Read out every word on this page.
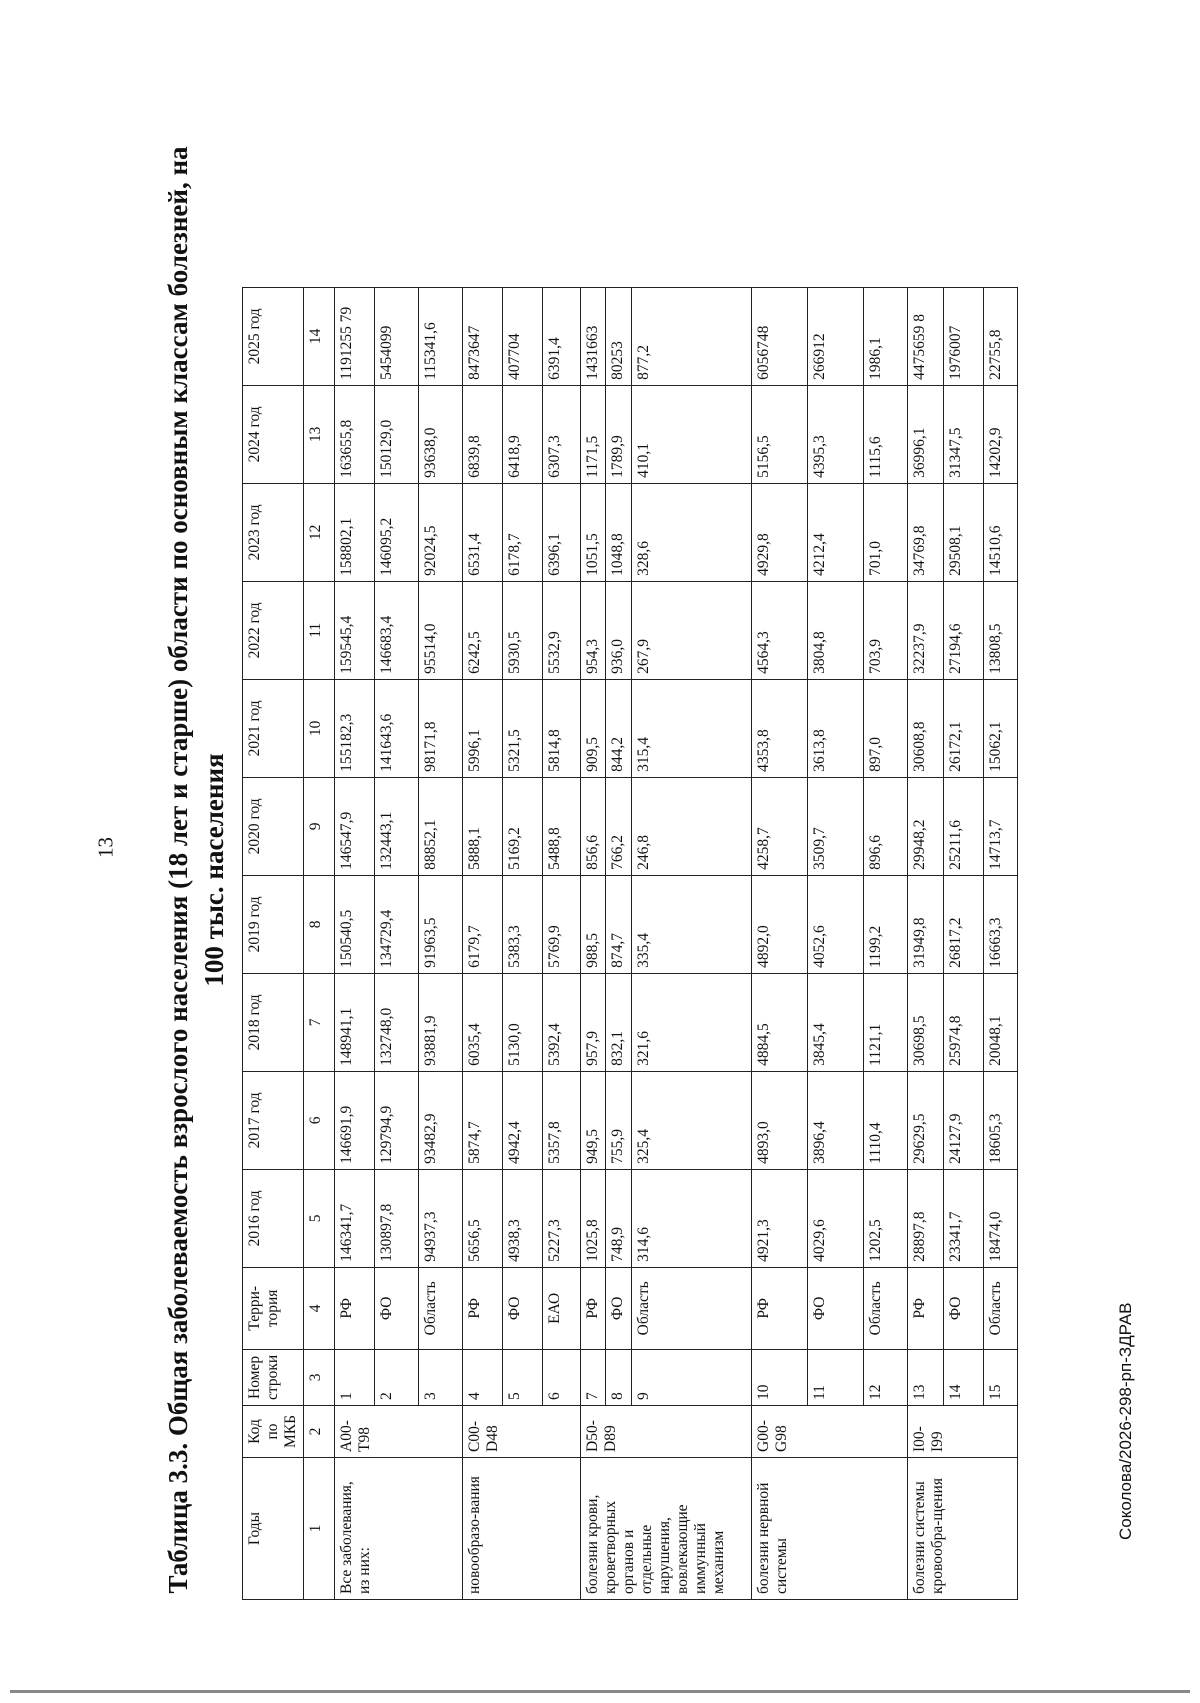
13 Таблица 3.3. Общая заболеваемость взрослого населения (18 лет и старше) области по основным классам болезней, на 100 тыс. населения
Годы	Код по МКБ	Номер строки	Терри-тория	2016 год	2017 год	2018 год	2019 год	2020 год	2021 год	2022 год	2023 год	2024 год	2025 год
1	2	3	4	5	6	7	8	9	10	11	12	13	14
Все заболевания, из них:	A00-T98	1	РФ	146341,7	146691,9	148941,1	150540,5	146547,9	155182,3	159545,4	158802,1	163655,8	1191255 79
		2	ФО	130897,8	129794,9	132748,0	134729,4	132443,1	141643,6	146683,4	146095,2	150129,0	5454099
		3	Область	94937,3	93482,9	93881,9	91963,5	88852,1	98171,8	95514,0	92024,5	93638,0	115341,6
новообразо-вания	C00-D48	4	РФ	5656,5	5874,7	6035,4	6179,7	5888,1	5996,1	6242,5	6531,4	6839,8	8473647
		5	ФО	4938,3	4942,4	5130,0	5383,3	5169,2	5321,5	5930,5	6178,7	6418,9	407704
		6	ЕАО	5227,3	5357,8	5392,4	5769,9	5488,8	5814,8	5532,9	6396,1	6307,3	6391,4
болезни крови, кроветворных органов и отдельные нарушения, вовлекающие иммунный механизм	D50-D89	7	РФ	1025,8	949,5	957,9	988,5	856,6	909,5	954,3	1051,5	1171,5	1431663
		8	ФО	748,9	755,9	832,1	874,7	766,2	844,2	936,0	1048,8	1789,9	80253
		9	Область	314,6	325,4	321,6	335,4	246,8	315,4	267,9	328,6	410,1	877,2
болезни нервной системы	G00-G98	10	РФ	4921,3	4893,0	4884,5	4892,0	4258,7	4353,8	4564,3	4929,8	5156,5	6056748
		11	ФО	4029,6	3896,4	3845,4	4052,6	3509,7	3613,8	3804,8	4212,4	4395,3	266912
		12	Область	1202,5	1110,4	1121,1	1199,2	896,6	897,0	703,9	701,0	1115,6	1986,1
болезни системы кровообра-щения	I00-I99	13	РФ	28897,8	29629,5	30698,5	31949,8	29948,2	30608,8	32237,9	34769,8	36996,1	4475659 8
		14	ФО	23341,7	24127,9	25974,8	26817,2	25211,6	26172,1	27194,6	29508,1	31347,5	1976007
		15	Область	18474,0	18605,3	20048,1	16663,3	14713,7	15062,1	13808,5	14510,6	14202,9	22755,8
Соколова/2026-298-рп-ЗДРАВ
